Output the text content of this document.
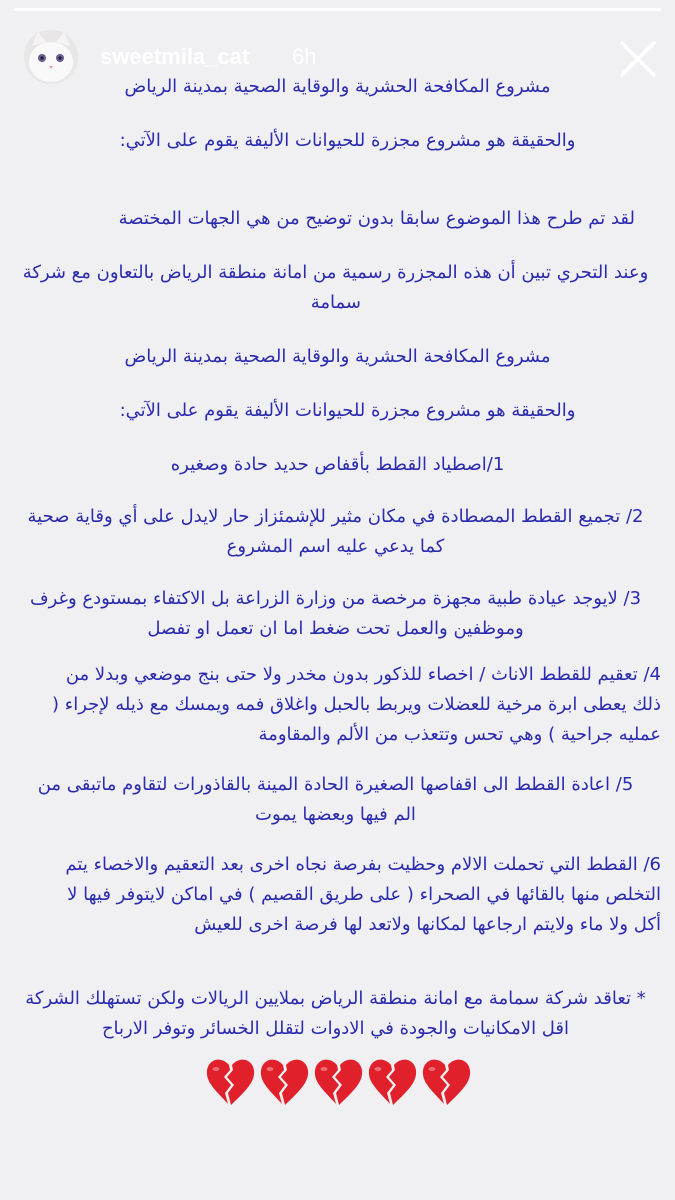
sweetmila_cat 6h
مشروع المكافحة الحشرية والوقاية الصحية بمدينة الرياض
والحقيقة هو مشروع مجزرة للحيوانات الأليفة يقوم على الآتي:
لقد تم طرح هذا الموضوع سابقا بدون توضيح من هي الجهات المختصة
وعند التحري تبين أن هذه المجزرة رسمية من امانة منطقة الرياض بالتعاون مع شركة
سمامة
مشروع المكافحة الحشرية والوقاية الصحية بمدينة الرياض
والحقيقة هو مشروع مجزرة للحيوانات الأليفة يقوم على الآتي:
1/اصطياد القطط بأقفاص حديد حادة وصغيره
2/ تجميع القطط المصطادة في مكان مثير للإشمئزاز حار لايدل على أي وقاية صحية
كما يدعي عليه اسم المشروع
3/ لايوجد عيادة طبية مجهزة مرخصة من وزارة الزراعة بل الاكتفاء بمستودع وغرف
وموظفين والعمل تحت ضغط اما ان تعمل او تفصل
4/ تعقيم للقطط الاناث / اخصاء للذكور بدون مخدر ولا حتى بنج موضعي وبدلا من
ذلك يعطى ابرة مرخية للعضلات ويربط بالحبل واغلاق فمه ويمسك مع ذيله لإجراء (
عمليه جراحية ) وهي تحس وتتعذب من الألم والمقاومة
5/ اعادة القطط الى اقفاصها الصغيرة الحادة المينة بالقاذورات لتقاوم ماتبقى من
الم فيها وبعضها يموت
6/ القطط التي تحملت الالام وحظيت بفرصة نجاه اخرى بعد التعقيم والاخصاء يتم
التخلص منها بالقائها في الصحراء ( على طريق القصيم ) في اماكن لايتوفر فيها لا
أكل ولا ماء ولايتم ارجاعها لمكانها ولاتعد لها فرصة اخرى للعيش
* تعاقد شركة سمامة مع امانة منطقة الرياض بملايين الريالات ولكن تستهلك الشركة
اقل الامكانيات والجودة في الادوات لتقلل الخسائر وتوفر الارباح
